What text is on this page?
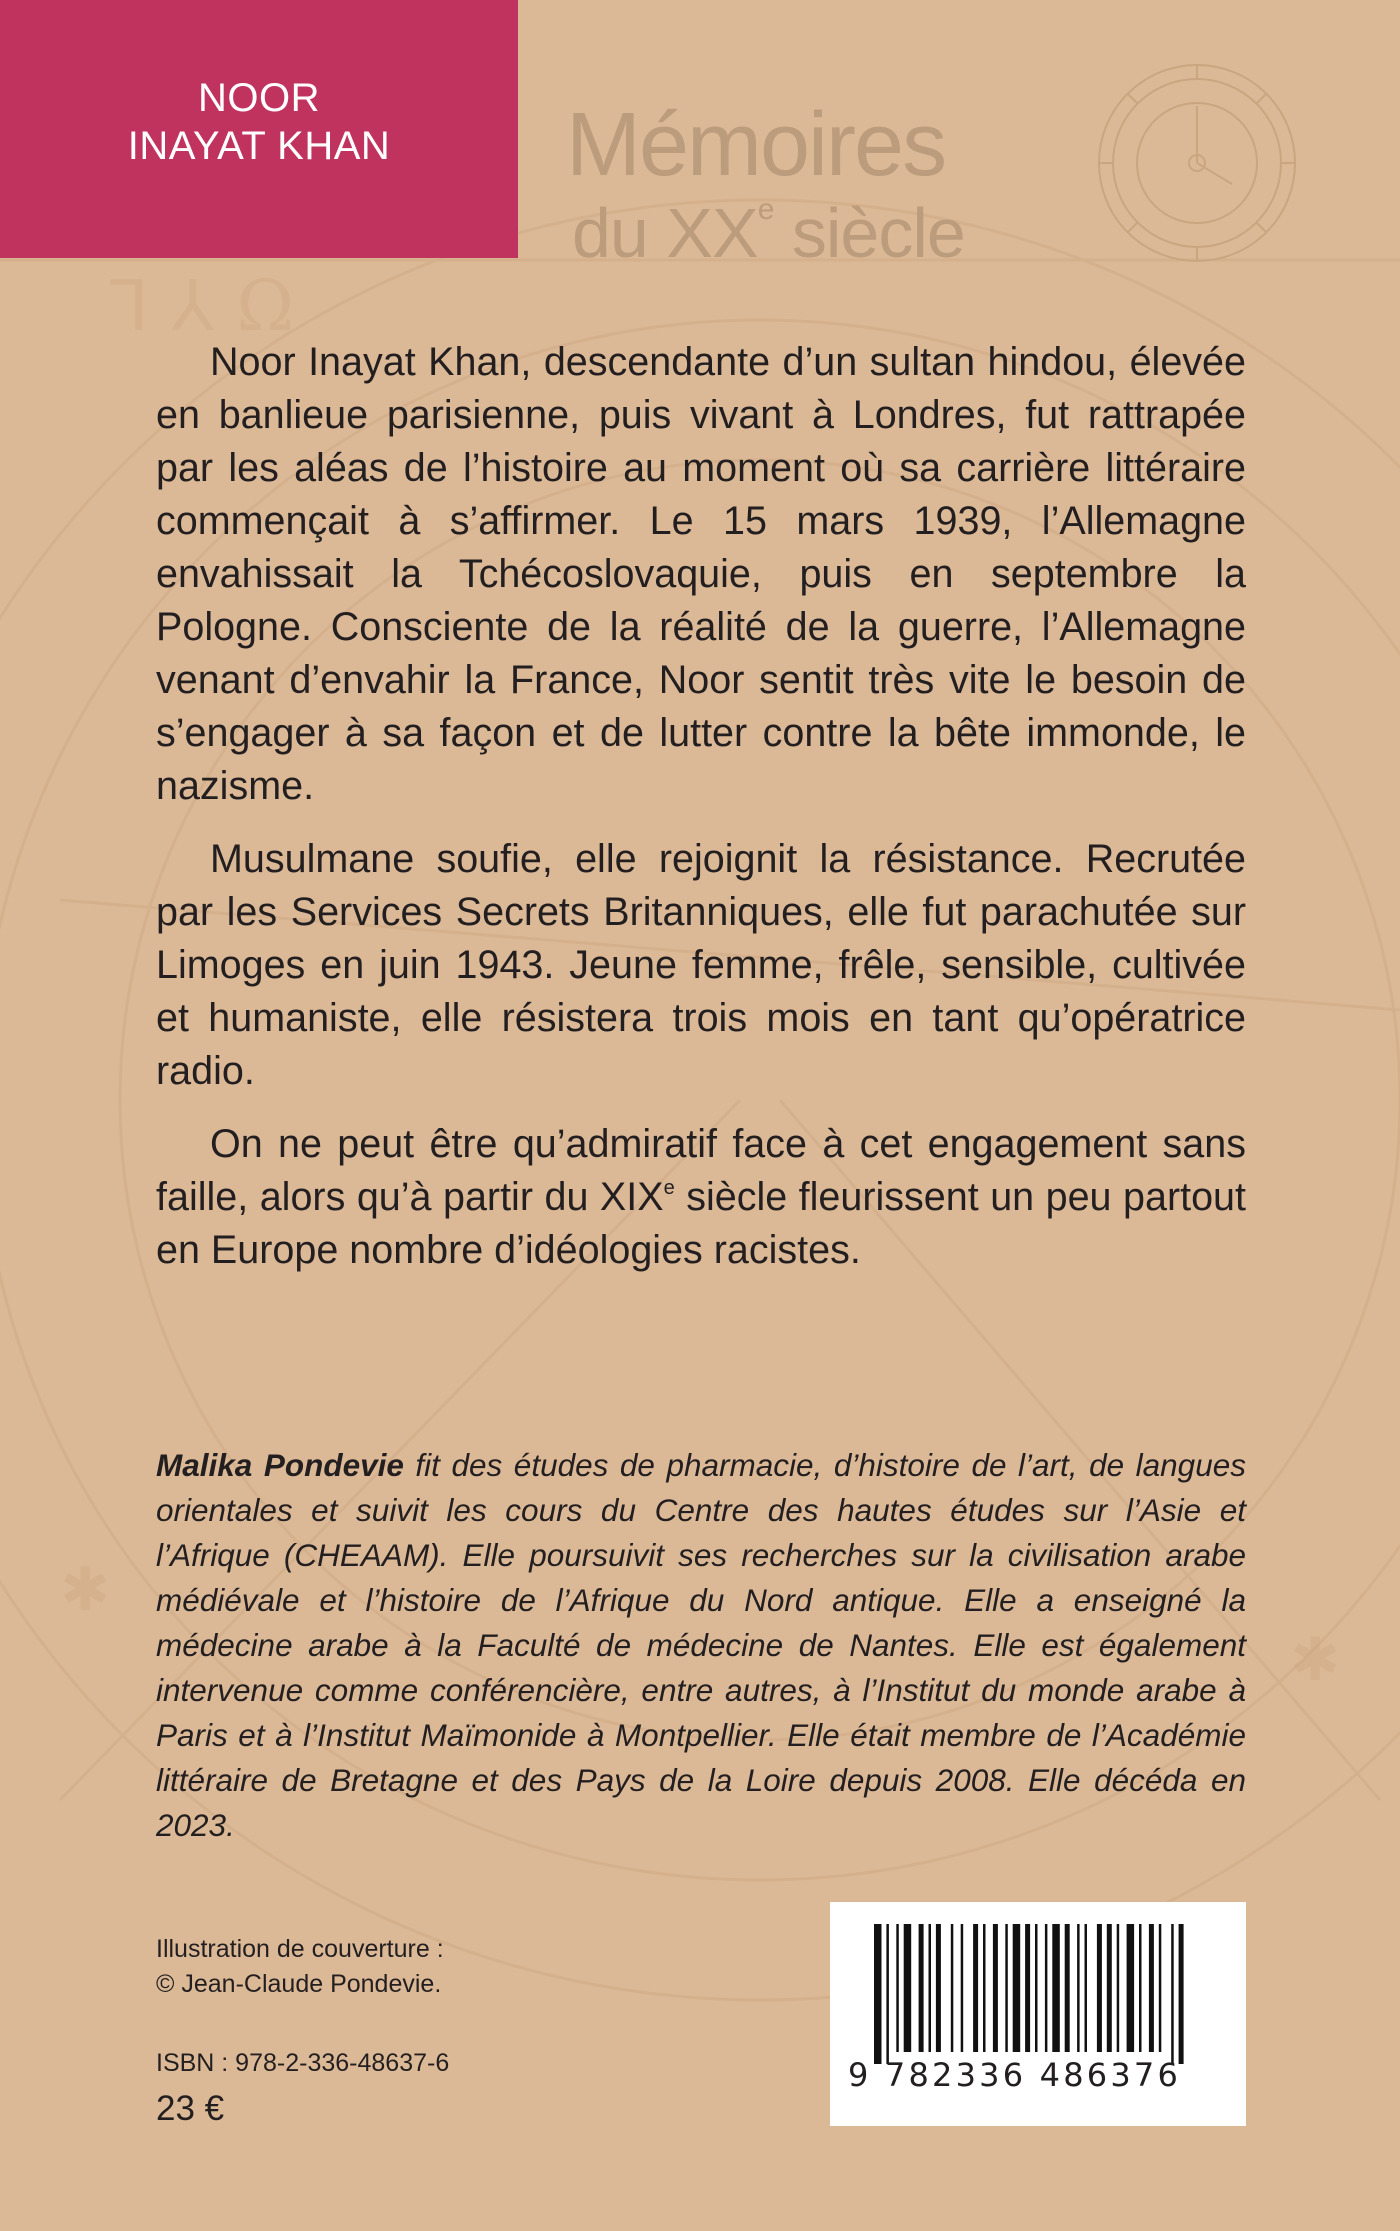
⅂ ⅄ Ω
✱
✱
NOOR
INAYAT KHAN Mémoires
du XXe siècle

Noor Inayat Khan, descendante d’un sultan hindou, élevée en banlieue parisienne, puis vivant à Londres, fut rattrapée par les aléas de l’histoire au moment où sa carrière littéraire commençait à s’affirmer. Le 15 mars 1939, l’Allemagne envahissait la Tchécoslovaquie, puis en septembre la Pologne. Consciente de la réalité de la guerre, l’Allemagne venant d’envahir la France, Noor sentit très vite le besoin de s’engager à sa façon et de lutter contre la bête immonde, le nazisme.

Musulmane soufie, elle rejoignit la résistance. Recrutée par les Services Secrets Britanniques, elle fut parachutée sur Limoges en juin 1943. Jeune femme, frêle, sensible, cultivée et humaniste, elle résistera trois mois en tant qu’opératrice radio.

On ne peut être qu’admiratif face à cet engagement sans faille, alors qu’à partir du XIXe siècle fleurissent un peu partout en Europe nombre d’idéologies racistes.

Malika Pondevie fit des études de pharmacie, d’histoire de l’art, de langues orientales et suivit les cours du Centre des hautes études sur l’Asie et l’Afrique (CHEAAM). Elle poursuivit ses recherches sur la civilisation arabe médiévale et l’histoire de l’Afrique du Nord antique. Elle a enseigné la médecine arabe à la Faculté de médecine de Nantes. Elle est également intervenue comme conférencière, entre autres, à l’Institut du monde arabe à Paris et à l’Institut Maïmonide à Montpellier. Elle était membre de l’Académie littéraire de Bretagne et des Pays de la Loire depuis 2008. Elle décéda en 2023.
Illustration de couverture :
© Jean-Claude Pondevie.
ISBN : 978-2-336-48637-6
23 €
9 782336 486376
